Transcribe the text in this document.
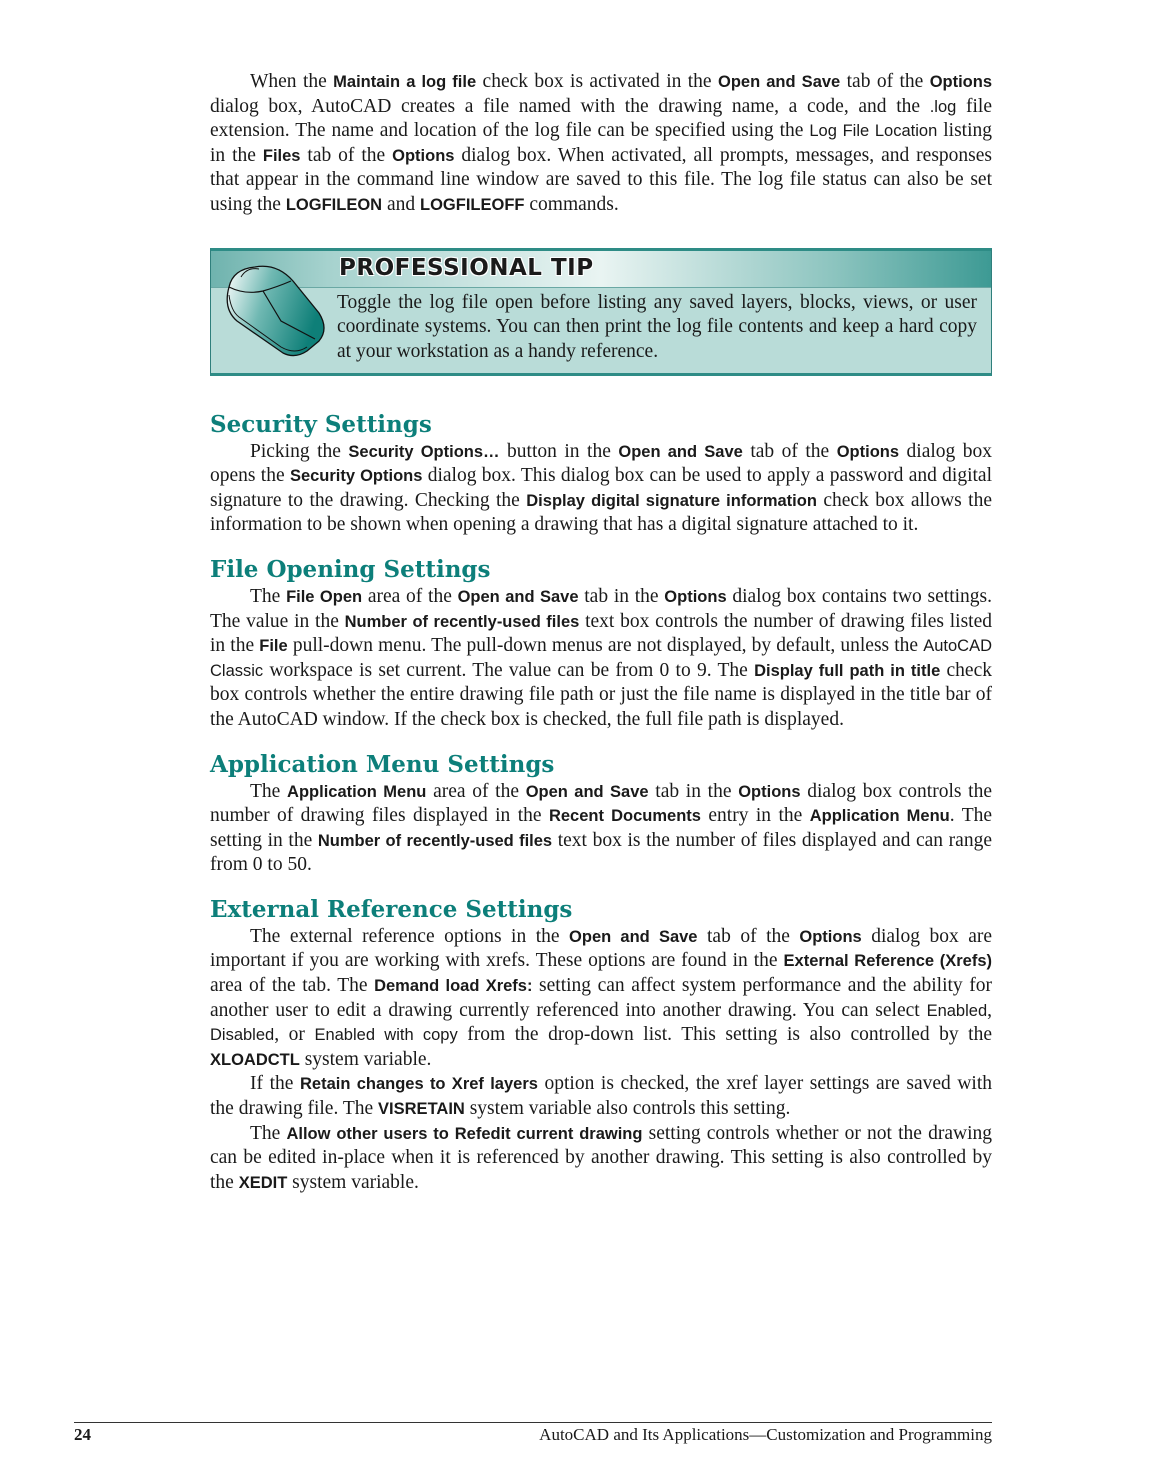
When the Maintain a log file check box is activated in the Open and Save tab of the Options dialog box, AutoCAD creates a file named with the drawing name, a code, and the .log file extension. The name and location of the log file can be specified using the Log File Location listing in the Files tab of the Options dialog box. When activated, all prompts, messages, and responses that appear in the command line window are saved to this file. The log file status can also be set using the LOGFILEON and LOGFILEOFF commands.

PROFESSIONAL TIP
Toggle the log file open before listing any saved layers, blocks, views, or user coordinate systems. You can then print the log file contents and keep a hard copy at your workstation as a handy reference.
Security Settings

Picking the Security Options… button in the Open and Save tab of the Options dialog box opens the Security Options dialog box. This dialog box can be used to apply a password and digital signature to the drawing. Checking the Display digital signature information check box allows the information to be shown when opening a drawing that has a digital signature attached to it.

File Opening Settings

The File Open area of the Open and Save tab in the Options dialog box contains two settings. The value in the Number of recently-used files text box controls the number of drawing files listed in the File pull-down menu. The pull-down menus are not displayed, by default, unless the AutoCAD Classic workspace is set current. The value can be from 0 to 9. The Display full path in title check box controls whether the entire drawing file path or just the file name is displayed in the title bar of the AutoCAD window. If the check box is checked, the full file path is displayed.

Application Menu Settings

The Application Menu area of the Open and Save tab in the Options dialog box controls the number of drawing files displayed in the Recent Documents entry in the Application Menu. The setting in the Number of recently-used files text box is the number of files displayed and can range from 0 to 50.

External Reference Settings

The external reference options in the Open and Save tab of the Options dialog box are important if you are working with xrefs. These options are found in the External Reference (Xrefs) area of the tab. The Demand load Xrefs: setting can affect system performance and the ability for another user to edit a drawing currently referenced into another drawing. You can select Enabled, Disabled, or Enabled with copy from the drop-down list. This setting is also controlled by the XLOADCTL system variable.

If the Retain changes to Xref layers option is checked, the xref layer settings are saved with the drawing file. The VISRETAIN system variable also controls this setting.

The Allow other users to Refedit current drawing setting controls whether or not the drawing can be edited in-place when it is referenced by another drawing. This setting is also controlled by the XEDIT system variable.

24	AutoCAD and Its Applications—Customization and Programming
